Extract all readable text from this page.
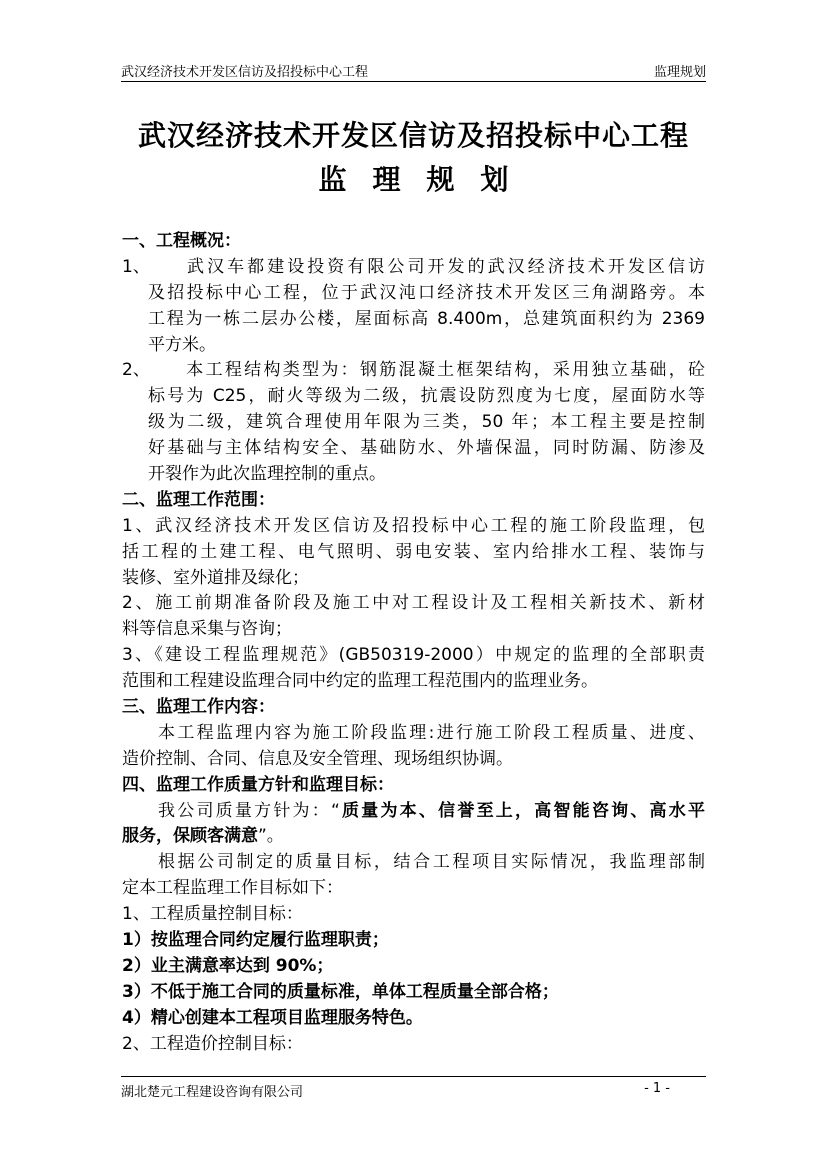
武汉经济技术开发区信访及招投标中心工程	监理规划
武汉经济技术开发区信访及招投标中心工程
监理规划
一、工程概况：
1、 武汉车都建设投资有限公司开发的武汉经济技术开发区信访
及招投标中心工程，位于武汉沌口经济技术开发区三角湖路旁。本
工程为一栋二层办公楼，屋面标高 8.400m，总建筑面积约为 2369
平方米。
2、 本工程结构类型为：钢筋混凝土框架结构，采用独立基础，砼
标号为 C25，耐火等级为二级，抗震设防烈度为七度，屋面防水等
级为二级，建筑合理使用年限为三类，50 年；本工程主要是控制
好基础与主体结构安全、基础防水、外墙保温，同时防漏、防渗及
开裂作为此次监理控制的重点。
二、监理工作范围：
1、武汉经济技术开发区信访及招投标中心工程的施工阶段监理，包
括工程的土建工程、电气照明、弱电安装、室内给排水工程、装饰与
装修、室外道排及绿化；
2、施工前期准备阶段及施工中对工程设计及工程相关新技术、新材
料等信息采集与咨询；
3、《建设工程监理规范》(GB50319-2000）中规定的监理的全部职责
范围和工程建设监理合同中约定的监理工程范围内的监理业务。
三、监理工作内容：
本工程监理内容为施工阶段监理:进行施工阶段工程质量、进度、
造价控制、合同、信息及安全管理、现场组织协调。
四、监理工作质量方针和监理目标：
我公司质量方针为：“质量为本、信誉至上，高智能咨询、高水平
服务，保顾客满意”。
根据公司制定的质量目标，结合工程项目实际情况，我监理部制
定本工程监理工作目标如下：
1、工程质量控制目标：
1）按监理合同约定履行监理职责；
2）业主满意率达到 90%；
3）不低于施工合同的质量标准，单体工程质量全部合格；
4）精心创建本工程项目监理服务特色。
2、工程造价控制目标：
湖北楚元工程建设咨询有限公司	- 1 -
